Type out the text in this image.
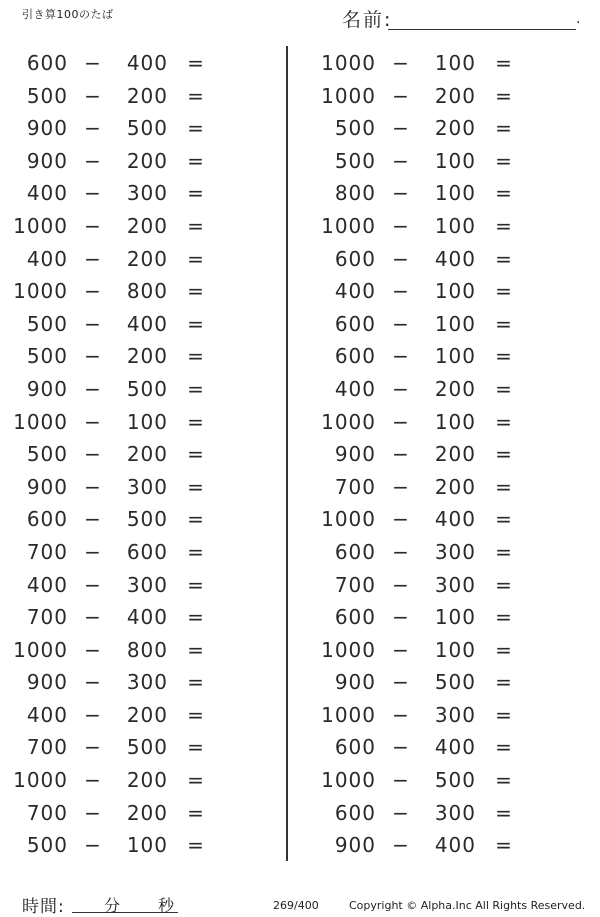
引き算100のたば	名前:	.
600 −	400 =
500 −	200 =
900 −	500 =
900 −	200 =
400 −	300 =
1000 −	200 =
400 −	200 =
1000 −	800 =
500 −	400 =
500 −	200 =
900 −	500 =
1000 −	100 =
500 −	200 =
900 −	300 =
600 −	500 =
700 −	600 =
400 −	300 =
700 −	400 =
1000 −	800 =
900 −	300 =
400 −	200 =
700 −	500 =
1000 −	200 =
700 −	200 =
500 −	100 =
1000 −	100 =
1000 −	200 =
500 −	200 =
500 −	100 =
800 −	100 =
1000 −	100 =
600 −	400 =
400 −	100 =
600 −	100 =
600 −	100 =
400 −	200 =
1000 −	100 =
900 −	200 =
700 −	200 =
1000 −	400 =
600 −	300 =
700 −	300 =
600 −	100 =
1000 −	100 =
900 −	500 =
1000 −	300 =
600 −	400 =
1000 −	500 =
600 −	300 =
900 −	400 =
時間: 分 秒	269/400	Copyright © Alpha.Inc All Rights Reserved.
